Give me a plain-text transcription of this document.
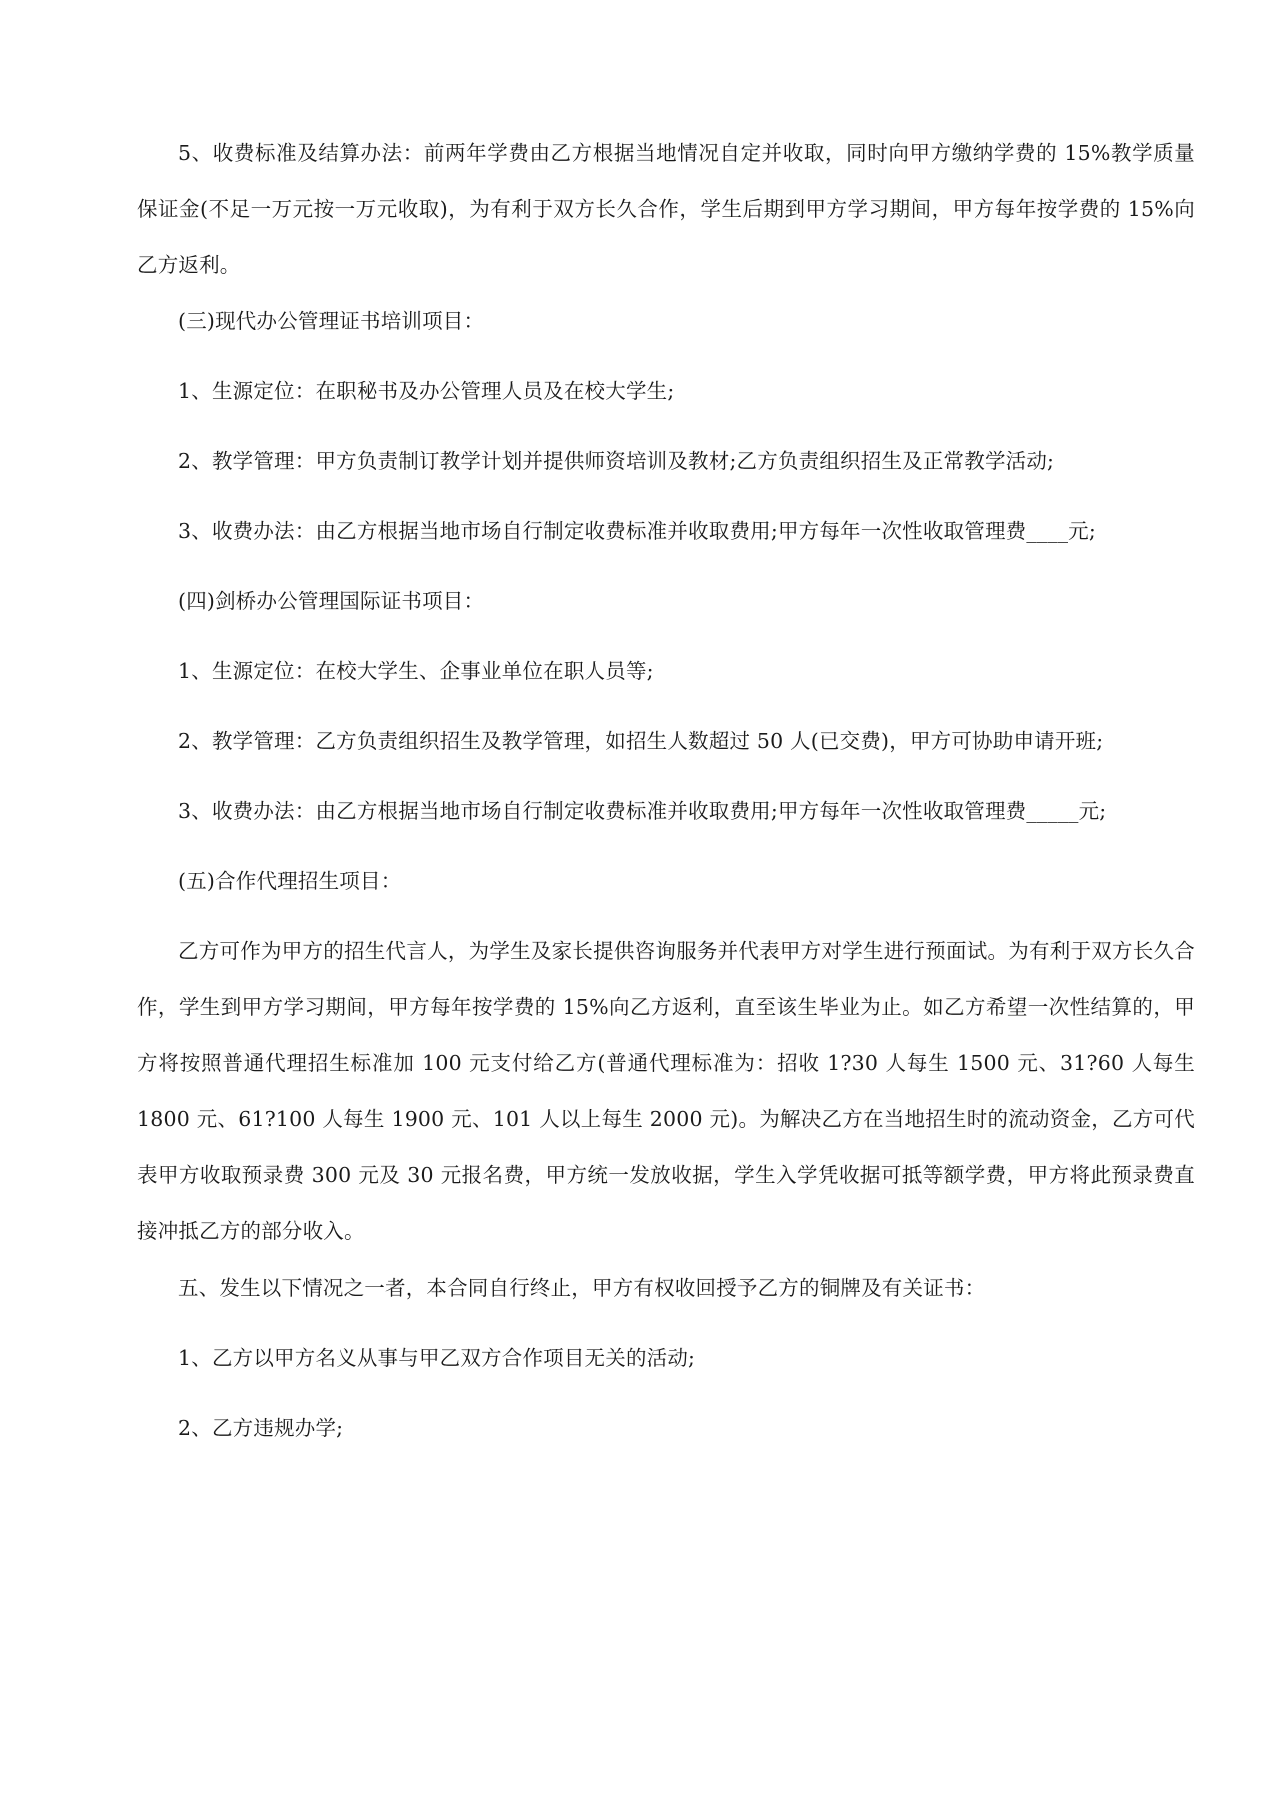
5、收费标准及结算办法：前两年学费由乙方根据当地情况自定并收取，同时向甲方缴纳学费的 15%教学质量保证金(不足一万元按一万元收取)，为有利于双方长久合作，学生后期到甲方学习期间，甲方每年按学费的 15%向乙方返利。

(三)现代办公管理证书培训项目：

1、生源定位：在职秘书及办公管理人员及在校大学生;

2、教学管理：甲方负责制订教学计划并提供师资培训及教材;乙方负责组织招生及正常教学活动;

3、收费办法：由乙方根据当地市场自行制定收费标准并收取费用;甲方每年一次性收取管理费____元;

(四)剑桥办公管理国际证书项目：

1、生源定位：在校大学生、企事业单位在职人员等;

2、教学管理：乙方负责组织招生及教学管理，如招生人数超过 50 人(已交费)，甲方可协助申请开班;

3、收费办法：由乙方根据当地市场自行制定收费标准并收取费用;甲方每年一次性收取管理费_____元;

(五)合作代理招生项目：

乙方可作为甲方的招生代言人，为学生及家长提供咨询服务并代表甲方对学生进行预面试。为有利于双方长久合作，学生到甲方学习期间，甲方每年按学费的 15%向乙方返利，直至该生毕业为止。如乙方希望一次性结算的，甲方将按照普通代理招生标准加 100 元支付给乙方(普通代理标准为：招收 1?30 人每生 1500 元、31?60 人每生 1800 元、61?100 人每生 1900 元、101 人以上每生 2000 元)。为解决乙方在当地招生时的流动资金，乙方可代表甲方收取预录费 300 元及 30 元报名费，甲方统一发放收据，学生入学凭收据可抵等额学费，甲方将此预录费直接冲抵乙方的部分收入。

五、发生以下情况之一者，本合同自行终止，甲方有权收回授予乙方的铜牌及有关证书：

1、乙方以甲方名义从事与甲乙双方合作项目无关的活动;

2、乙方违规办学;
